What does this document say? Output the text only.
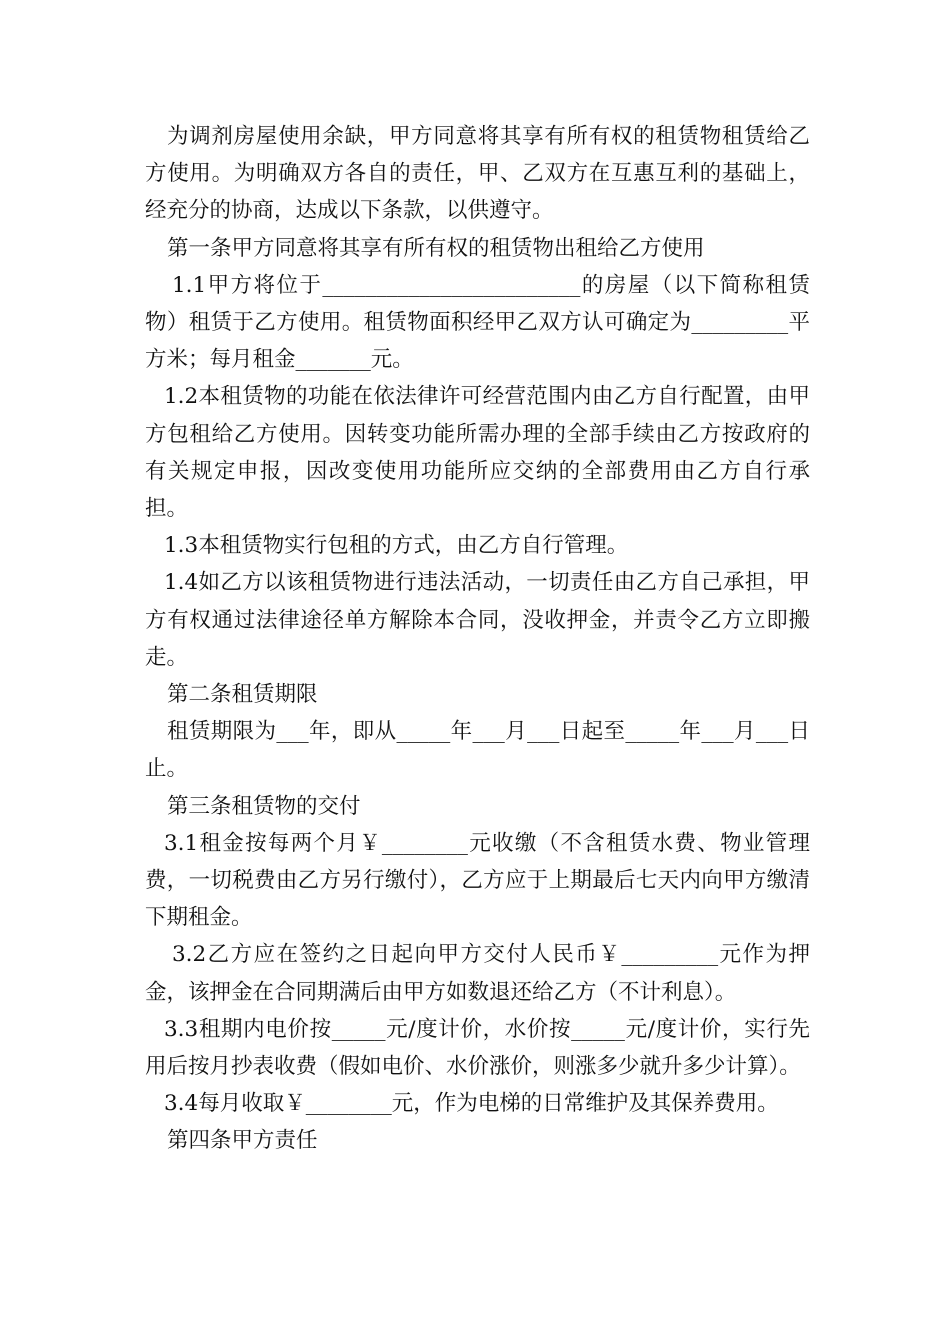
为调剂房屋使用余缺，甲方同意将其享有所有权的租赁物租赁给乙方使用。为明确双方各自的责任，甲、乙双方在互惠互利的基础上，经充分的协商，达成以下条款，以供遵守。

第一条甲方同意将其享有所有权的租赁物出租给乙方使用

1.1甲方将位于________________________的房屋（以下简称租赁物）租赁于乙方使用。租赁物面积经甲乙双方认可确定为_________平方米；每月租金_______元。

1.2本租赁物的功能在依法律许可经营范围内由乙方自行配置，由甲方包租给乙方使用。因转变功能所需办理的全部手续由乙方按政府的有关规定申报，因改变使用功能所应交纳的全部费用由乙方自行承担。

1.3本租赁物实行包租的方式，由乙方自行管理。

1.4如乙方以该租赁物进行违法活动，一切责任由乙方自己承担，甲方有权通过法律途径单方解除本合同，没收押金，并责令乙方立即搬走。

第二条租赁期限

租赁期限为___年，即从_____年___月___日起至_____年___月___日止。

第三条租赁物的交付

3.1租金按每两个月￥________元收缴（不含租赁水费、物业管理费，一切税费由乙方另行缴付），乙方应于上期最后七天内向甲方缴清下期租金。

3.2乙方应在签约之日起向甲方交付人民币￥_________元作为押金，该押金在合同期满后由甲方如数退还给乙方（不计利息）。

3.3租期内电价按_____元/度计价，水价按_____元/度计价，实行先用后按月抄表收费（假如电价、水价涨价，则涨多少就升多少计算）。

3.4每月收取￥________元，作为电梯的日常维护及其保养费用。

第四条甲方责任
